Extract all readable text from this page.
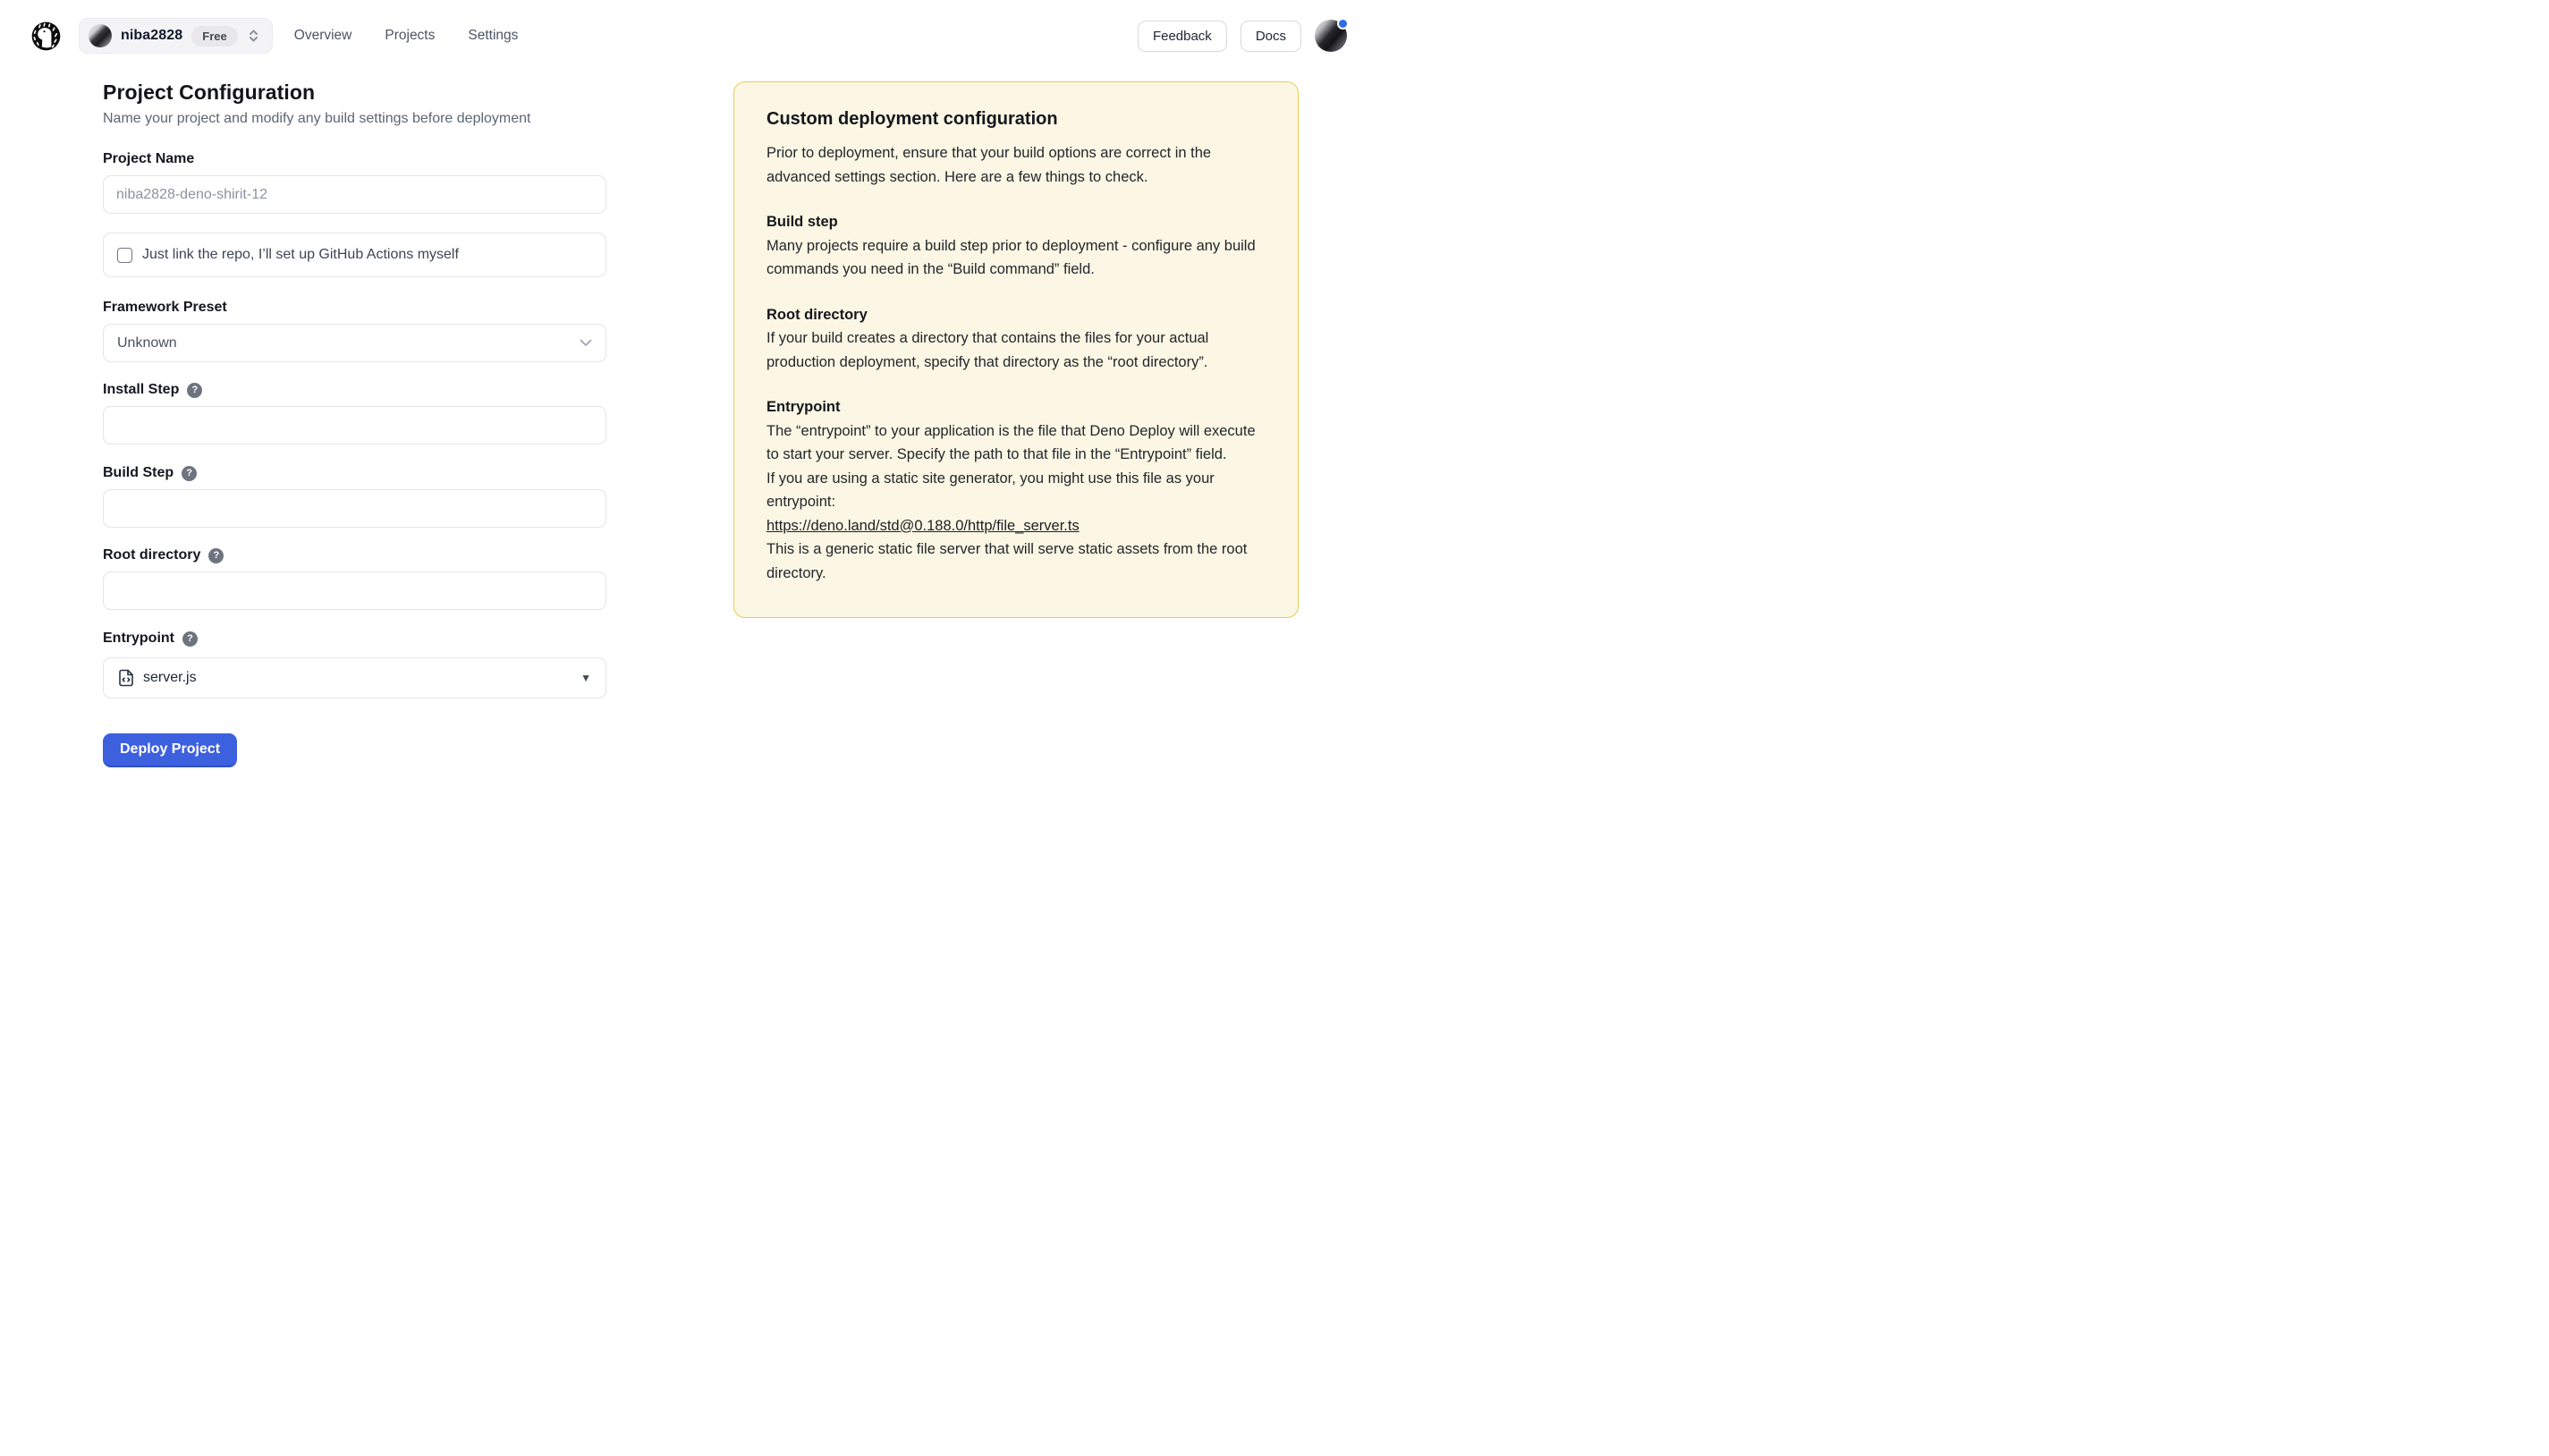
niba2828	Free	Overview Projects Settings	Feedback	Docs
Project Configuration

Name your project and modify any build settings before deployment

Project Name
niba2828-deno-shirit-12
Just link the repo, I’ll set up GitHub Actions myself
Framework Preset
Unknown
Install Step	?
Build Step	?
Root directory	?
Entrypoint	?
server.js	▼
Deploy Project
Custom deployment configuration

Prior to deployment, ensure that your build options are correct in the advanced settings section. Here are a few things to check.

Build step

Many projects require a build step prior to deployment - configure any build commands you need in the “Build command” field.

Root directory

If your build creates a directory that contains the files for your actual production deployment, specify that directory as the “root directory”.

Entrypoint

The “entrypoint” to your application is the file that Deno Deploy will execute to start your server. Specify the path to that file in the “Entrypoint” field.

If you are using a static site generator, you might use this file as your entrypoint:

https://deno.land/std@0.188.0/http/file_server.ts

This is a generic static file server that will serve static assets from the root directory.
